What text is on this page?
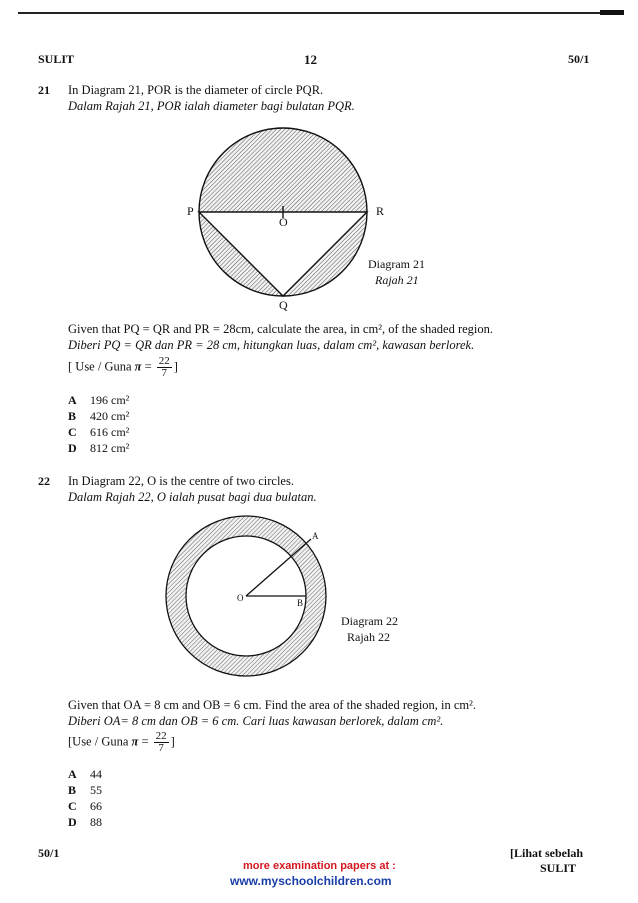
SULIT	12	50/1
21 In Diagram 21, POR is the diameter of circle PQR.
Dalam Rajah 21, POR ialah diameter bagi bulatan PQR.
P	R
O
Q
Diagram 21
Rajah 21
Given that PQ = QR and PR = 28cm, calculate the area, in cm², of the shaded region.
Diberi PQ = QR dan PR = 28 cm, hitungkan luas, dalam cm², kawasan berlorek.
[ Use / Guna $\pi = \frac{22}{7}$ ]
A 196 cm²
B 420 cm²
C 616 cm²
D 812 cm²
22 In Diagram 22, O is the centre of two circles.
Dalam Rajah 22, O ialah pusat bagi dua bulatan.
A
O	B
Diagram 22
Rajah 22
Given that OA = 8 cm and OB = 6 cm. Find the area of the shaded region, in cm².
Diberi OA= 8 cm dan OB = 6 cm. Cari luas kawasan berlorek, dalam cm².
[Use / Guna $\pi = \frac{22}{7}$ ]
A 44
B 55
C 66
D 88
50/1	[Lihat sebelah
SULIT
more examination papers at :
www.myschoolchildren.com
